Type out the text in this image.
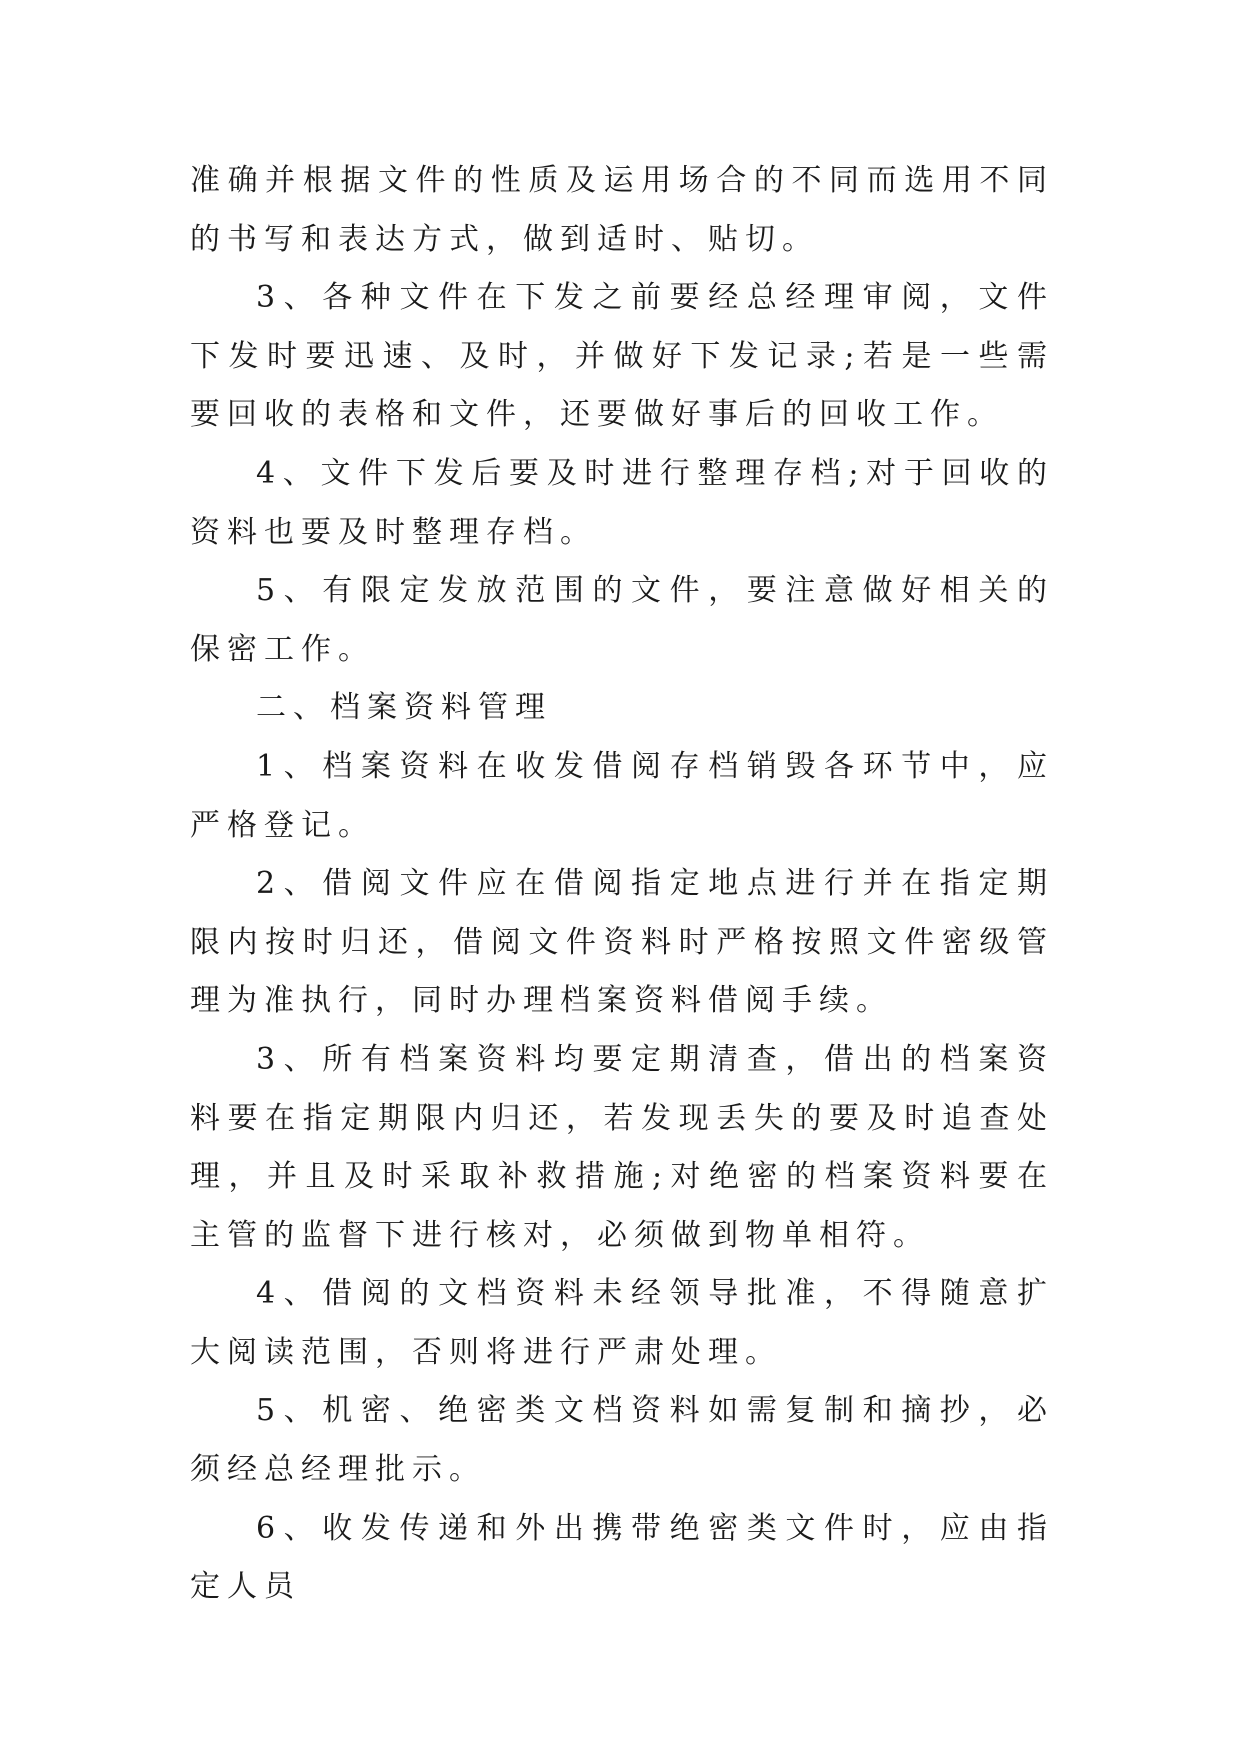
准确并根据文件的性质及运用场合的不同而选用不同的书写和表达方式，做到适时、贴切。

3、各种文件在下发之前要经总经理审阅，文件下发时要迅速、及时，并做好下发记录;若是一些需要回收的表格和文件，还要做好事后的回收工作。

4、文件下发后要及时进行整理存档;对于回收的资料也要及时整理存档。

5、有限定发放范围的文件，要注意做好相关的保密工作。

二、档案资料管理

1、档案资料在收发借阅存档销毁各环节中，应严格登记。

2、借阅文件应在借阅指定地点进行并在指定期限内按时归还，借阅文件资料时严格按照文件密级管理为准执行，同时办理档案资料借阅手续。

3、所有档案资料均要定期清查，借出的档案资料要在指定期限内归还，若发现丢失的要及时追查处理，并且及时采取补救措施;对绝密的档案资料要在主管的监督下进行核对，必须做到物单相符。

4、借阅的文档资料未经领导批准，不得随意扩大阅读范围，否则将进行严肃处理。

5、机密、绝密类文档资料如需复制和摘抄，必须经总经理批示。

6、收发传递和外出携带绝密类文件时，应由指定人员
